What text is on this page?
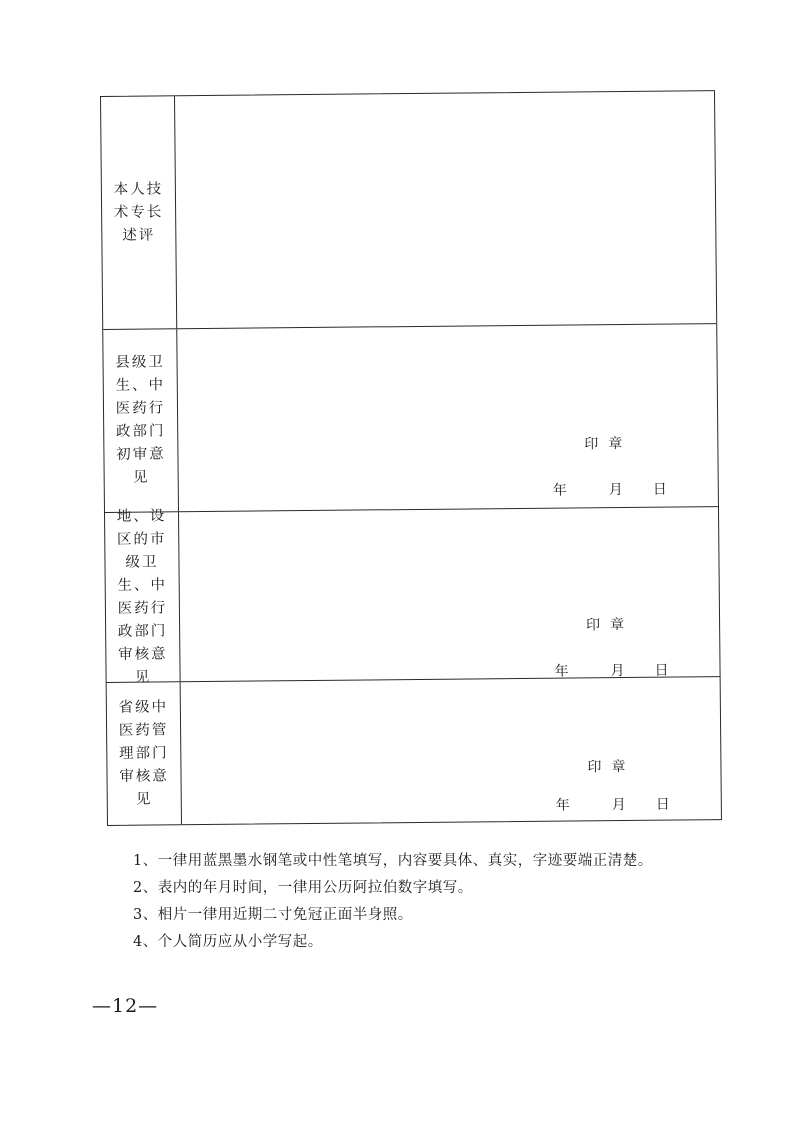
本人技术专长述评
县级卫生、中医药行政部门初审意见
印章
年	月 日
地、设区的市级卫生、中医药行政部门审核意见
印章
年	月 日
省级中医药管理部门审核意见
印章
年	月 日
1、一律用蓝黑墨水钢笔或中性笔填写，内容要具体、真实，字迹要端正清楚。
2、表内的年月时间，一律用公历阿拉伯数字填写。
3、相片一律用近期二寸免冠正面半身照。
4、个人简历应从小学写起。
—12—
